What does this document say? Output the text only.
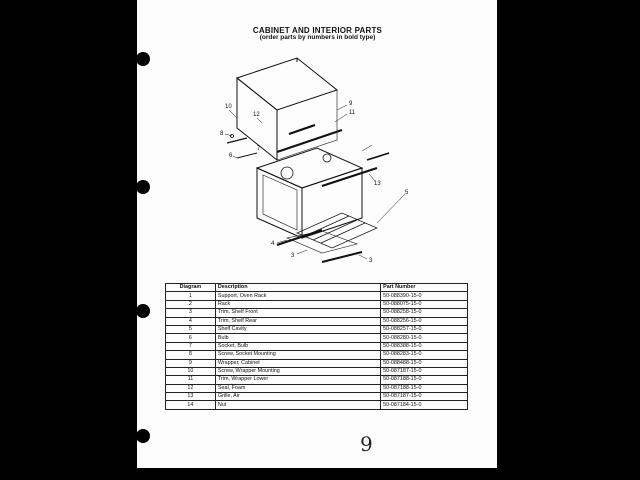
CABINET AND INTERIOR PARTS
(order parts by numbers in bold type)
10
12
9
11
8
6
7
13
5
4
3
3
Diagram	Description	Part Number
1	Support, Oven Rack	50-088390-15-0
2	Rack	50-088075-15-0
3	Trim, Shelf Front	50-088258-15-0
4	Trim, Shelf Rear	50-088256-15-0
5	Shelf Cavity	50-088257-15-0
6	Bulb	50-088280-15-0
7	Socket, Bulb	50-088388-15-0
8	Screw, Socket Mounting	50-088283-15-0
9	Wrapper, Cabinet	50-088488-15-0
10	Screw, Wrapper Mounting	50-087187-15-0
11	Trim, Wrapper Lower	50-087188-15-0
12	Seal, Foam	50-087188-15-0
13	Grille, Air	50-087187-15-0
14	Nut	50-087184-15-0
9
